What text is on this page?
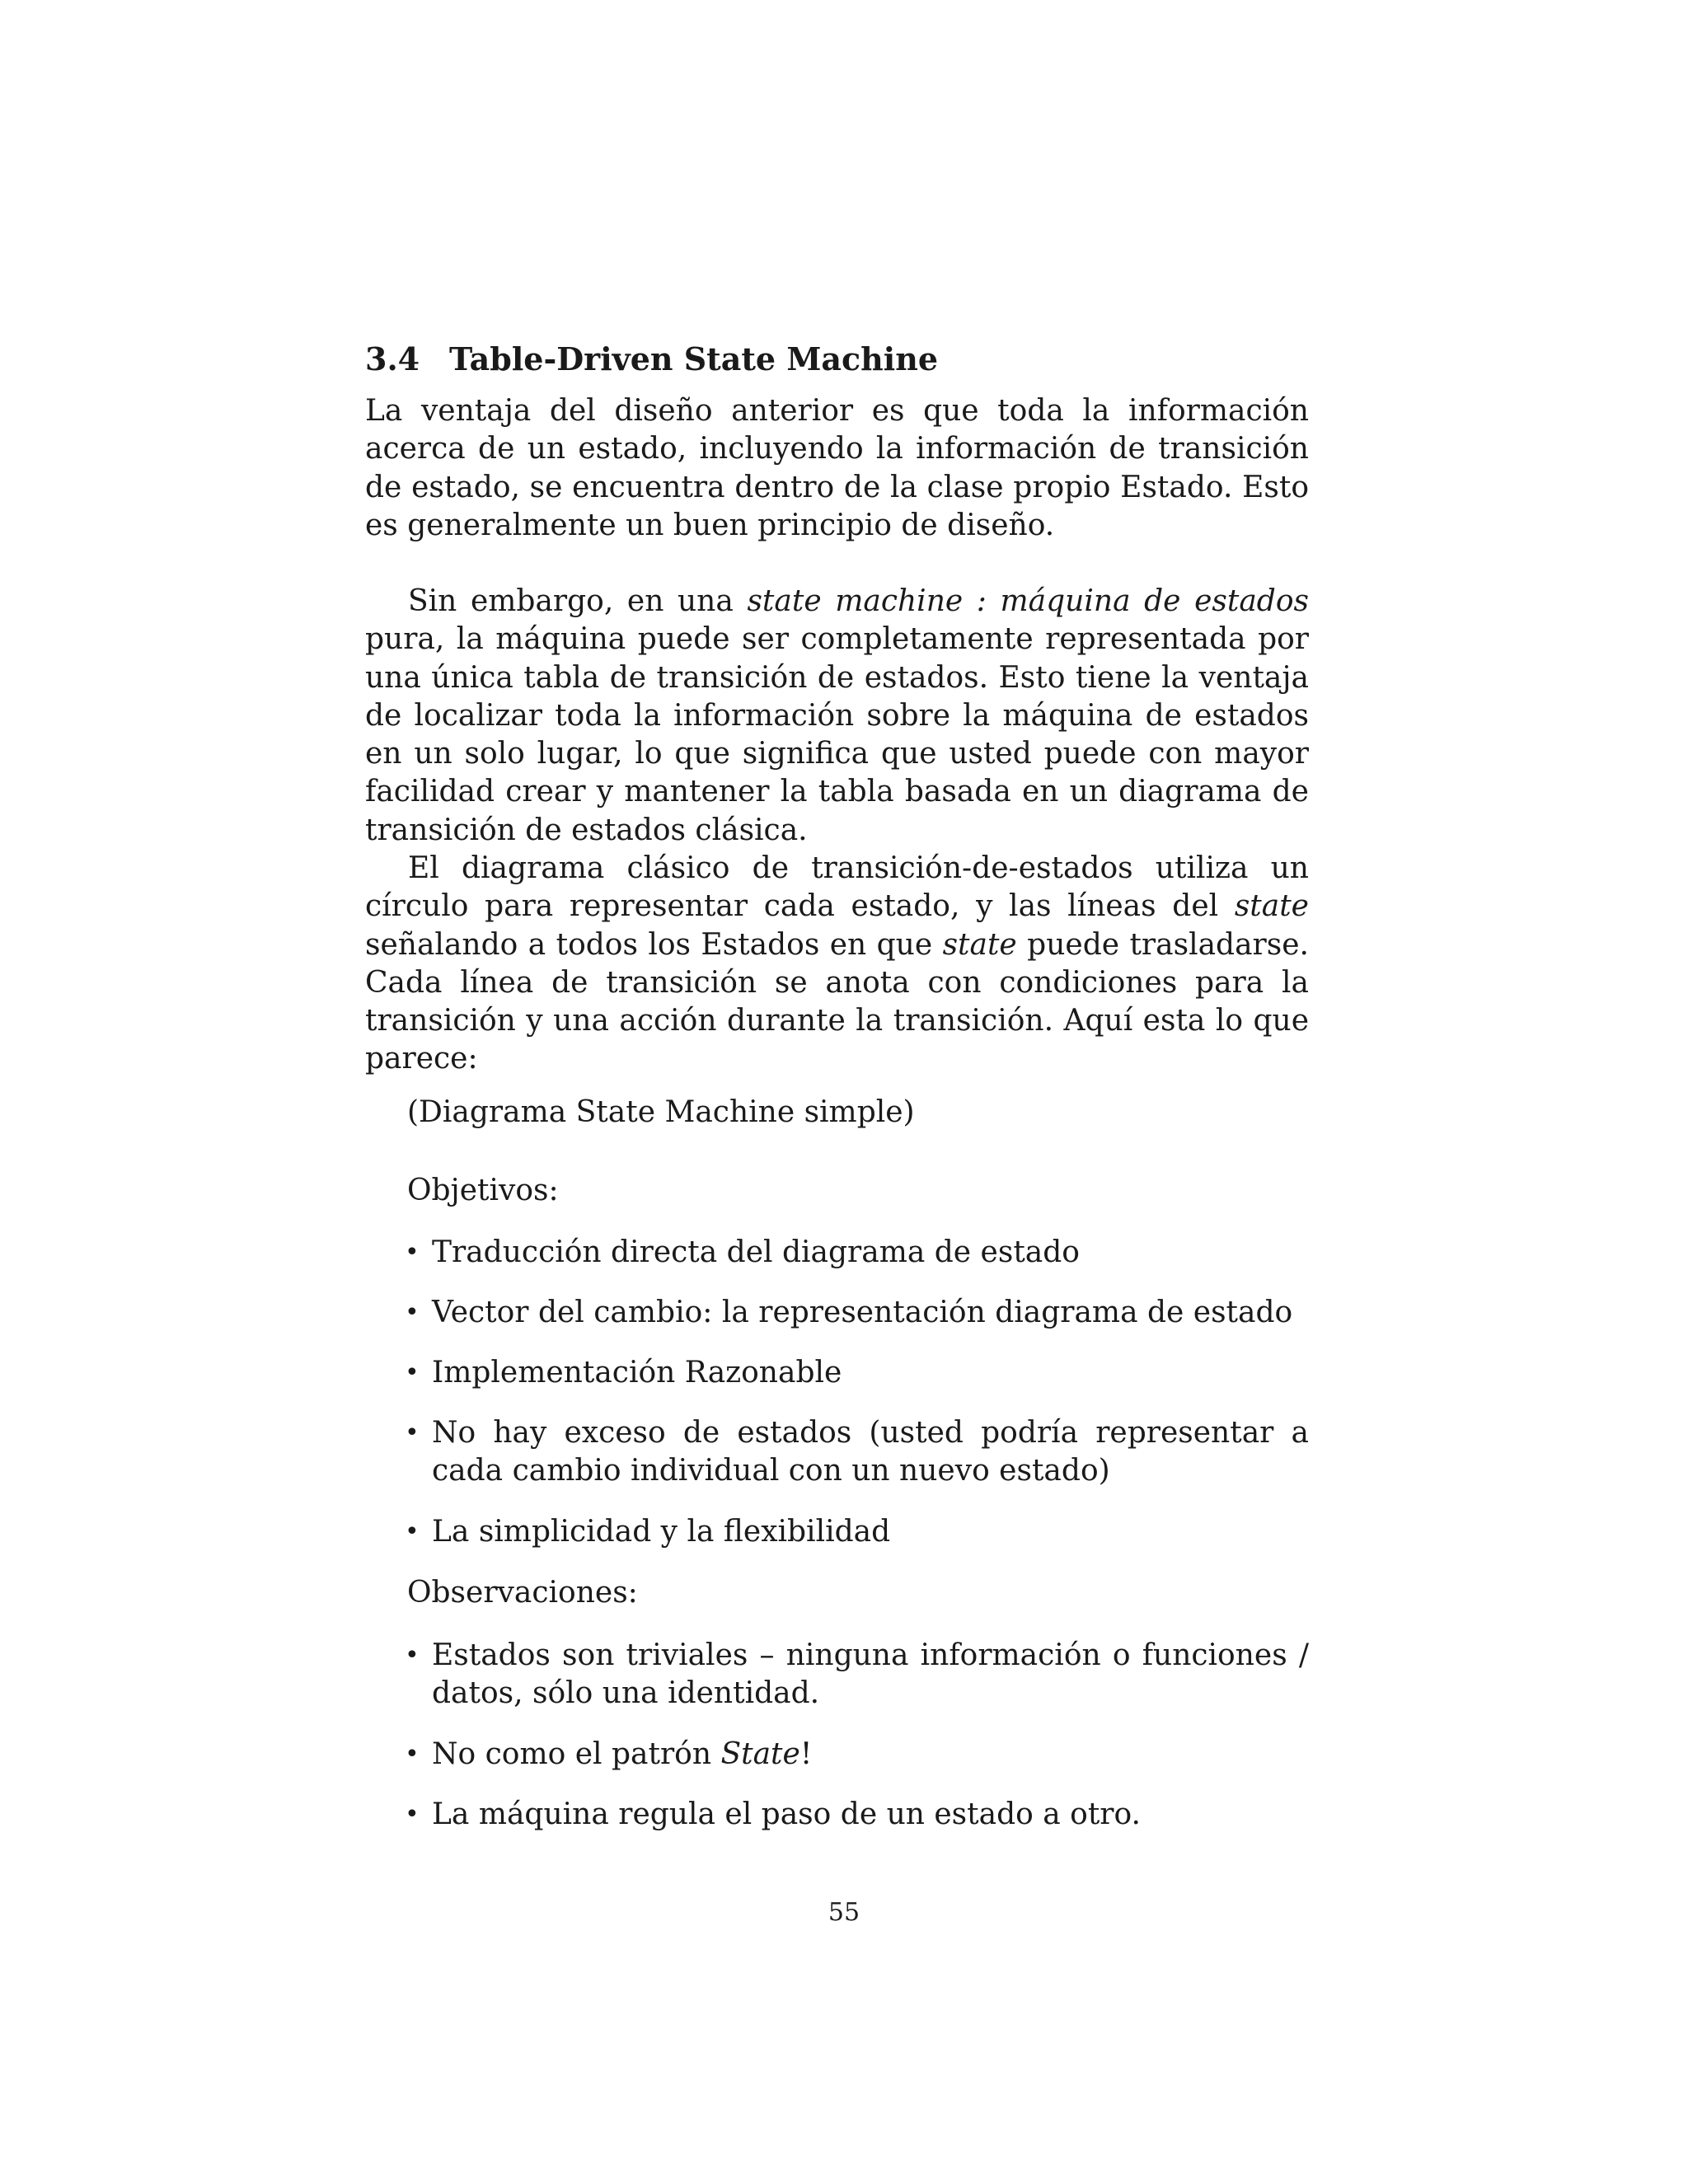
3.4 Table-Driven State Machine

La ventaja del diseño anterior es que toda la información acerca de un estado, incluyendo la información de transición de estado, se encuentra dentro de la clase propio Estado. Esto es generalmente un buen principio de diseño.

Sin embargo, en una state machine : máquina de estados pura, la máquina puede ser completamente representada por una única tabla de transición de estados. Esto tiene la ventaja de localizar toda la información sobre la máquina de estados en un solo lugar, lo que significa que usted puede con mayor facilidad crear y mantener la tabla basada en un diagrama de transición de estados clásica.

El diagrama clásico de transición-de-estados utiliza un círculo para representar cada estado, y las líneas del state señalando a todos los Estados en que state puede trasladarse. Cada línea de transición se anota con condiciones para la transición y una acción durante la transición. Aquí esta lo que parece:

(Diagrama State Machine simple)
Objetivos:
• Traducción directa del diagrama de estado
• Vector del cambio: la representación diagrama de estado
• Implementación Razonable
• No hay exceso de estados (usted podría representar a cada cambio individual con un nuevo estado)
• La simplicidad y la flexibilidad
Observaciones:
• Estados son triviales – ninguna información o funciones / datos, sólo una identidad.
• No como el patrón State!
• La máquina regula el paso de un estado a otro.
55
